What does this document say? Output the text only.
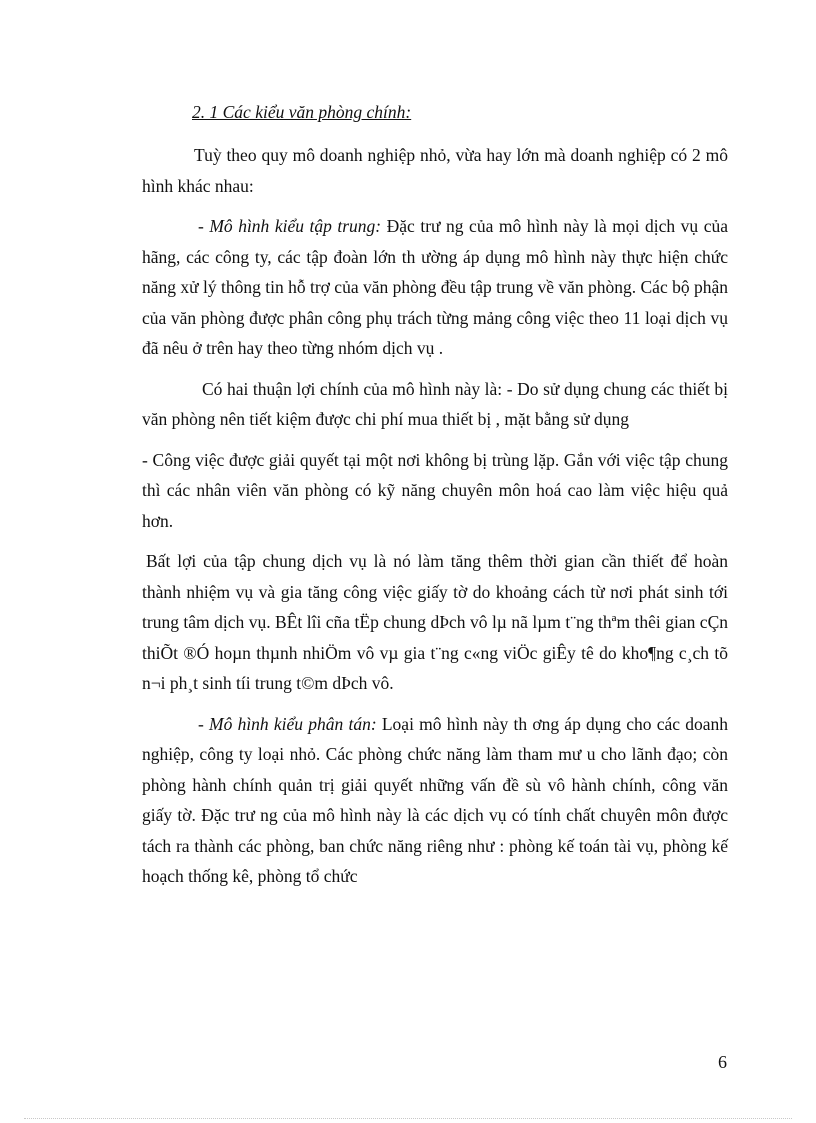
2. 1 Các kiểu văn phòng chính:

Tuỳ theo quy mô doanh nghiệp nhỏ, vừa hay lớn mà doanh nghiệp có 2 mô hình khác nhau:

- Mô hình kiểu tập trung: Đặc trư ng của mô hình này là mọi dịch vụ của hãng, các công ty, các tập đoàn lớn th ường áp dụng mô hình này thực hiện chức năng xử lý thông tin hỗ trợ của văn phòng đều tập trung về văn phòng. Các bộ phận của văn phòng được phân công phụ trách từng mảng công việc theo 11 loại dịch vụ đã nêu ở trên hay theo từng nhóm dịch vụ .

Có hai thuận lợi chính của mô hình này là: - Do sử dụng chung các thiết bị văn phòng nên tiết kiệm được chi phí mua thiết bị , mặt bằng sử dụng

- Công việc được giải quyết tại một nơi không bị trùng lặp. Gắn với việc tập chung thì các nhân viên văn phòng có kỹ năng chuyên môn hoá cao làm việc hiệu quả hơn.

Bất lợi của tập chung dịch vụ là nó làm tăng thêm thời gian cần thiết để hoàn thành nhiệm vụ và gia tăng công việc giấy tờ do khoảng cách từ nơi phát sinh tới trung tâm dịch vụ. BÊt lîi cña tËp chung dÞch vô lµ nã lµm t¨ng thªm thêi gian cÇn thiÕt ®Ó hoµn thµnh nhiÖm vô vµ gia t¨ng c«ng viÖc giÊy tê do kho¶ng c¸ch tõ n¬i ph¸t sinh tíi trung t©m dÞch vô.

- Mô hình kiểu phân tán: Loại mô hình này th ơng áp dụng cho các doanh nghiệp, công ty loại nhỏ. Các phòng chức năng làm tham mư u cho lãnh đạo; còn phòng hành chính quản trị giải quyết những vấn đề sù vô hành chính, công văn giấy tờ. Đặc trư ng của mô hình này là các dịch vụ có tính chất chuyên môn được tách ra thành các phòng, ban chức năng riêng như : phòng kế toán tài vụ, phòng kế hoạch thống kê, phòng tổ chức

6
